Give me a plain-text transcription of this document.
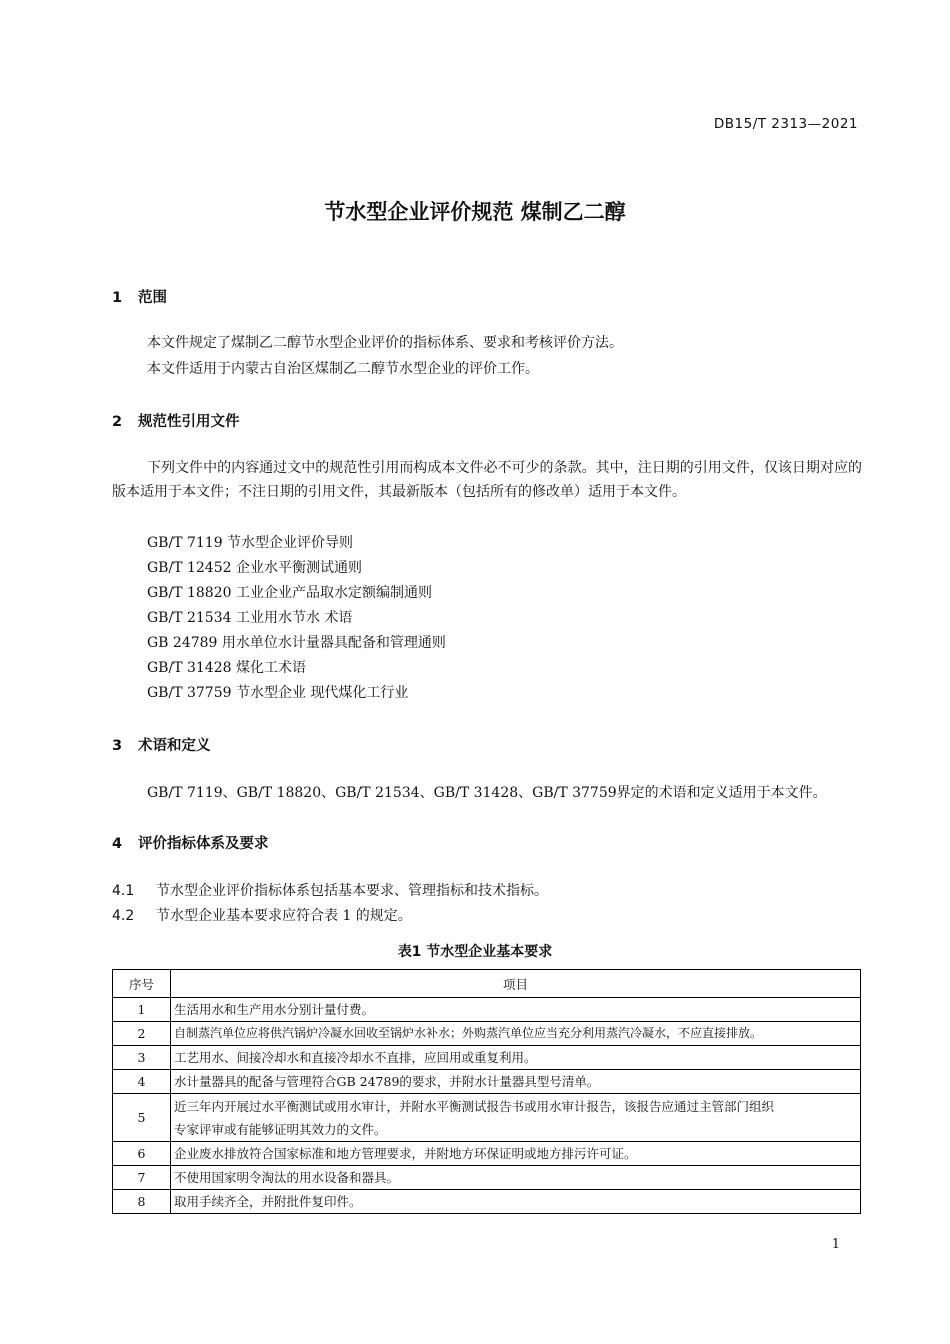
DB15/T 2313—2021
节水型企业评价规范 煤制乙二醇
1 范围
本文件规定了煤制乙二醇节水型企业评价的指标体系、要求和考核评价方法。
本文件适用于内蒙古自治区煤制乙二醇节水型企业的评价工作。
2 规范性引用文件
下列文件中的内容通过文中的规范性引用而构成本文件必不可少的条款。其中，注日期的引用文件，仅该日期对应的版本适用于本文件；不注日期的引用文件，其最新版本（包括所有的修改单）适用于本文件。
GB/T 7119 节水型企业评价导则
GB/T 12452 企业水平衡测试通则
GB/T 18820 工业企业产品取水定额编制通则
GB/T 21534 工业用水节水 术语
GB 24789 用水单位水计量器具配备和管理通则
GB/T 31428 煤化工术语
GB/T 37759 节水型企业 现代煤化工行业
3 术语和定义
GB/T 7119、GB/T 18820、GB/T 21534、GB/T 31428、GB/T 37759界定的术语和定义适用于本文件。
4 评价指标体系及要求
4.1 节水型企业评价指标体系包括基本要求、管理指标和技术指标。
4.2 节水型企业基本要求应符合表 1 的规定。
表1 节水型企业基本要求
序号	项目
1	生活用水和生产用水分别计量付费。
2	自制蒸汽单位应将供汽锅炉冷凝水回收至锅炉水补水；外购蒸汽单位应当充分利用蒸汽冷凝水，不应直接排放。
3	工艺用水、间接冷却水和直接冷却水不直排，应回用或重复利用。
4	水计量器具的配备与管理符合GB 24789的要求，并附水计量器具型号清单。
5	近三年内开展过水平衡测试或用水审计，并附水平衡测试报告书或用水审计报告，该报告应通过主管部门组织
专家评审或有能够证明其效力的文件。

6	企业废水排放符合国家标准和地方管理要求，并附地方环保证明或地方排污许可证。
7	不使用国家明令淘汰的用水设备和器具。
8	取用手续齐全，并附批件复印件。
1
